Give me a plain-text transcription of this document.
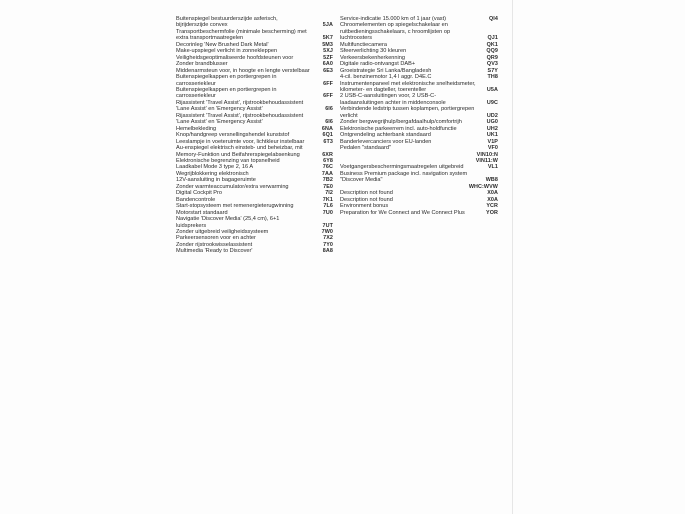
Buitenspiegel bestuurderszijde asferisch, bijrijderszijde convex	5JA
Transportbeschermfolie (minimale bescherming) met extra transportmaatregelen	5K7
Decorinleg 'New Brushed Dark Metal'	5M3
Make-upspiegel verlicht in zonnekleppen	5XJ
Veiligheidsgeoptimaliseerde hoofdsteunen voor	5ZF
Zonder brandblusser	6A0
Middenarmsteun voor, in hoogte en lengte verstelbaar	6E3
Buitenspiegelkappen en portiergrepen in carrosseriekleur	6FF
Buitenspiegelkappen en portiergrepen in carrosseriekleur	6FF
Rijassistent 'Travel Assist', rijstrookbehoudassistent 'Lane Assist' en 'Emergency Assist'	6I6
Rijassistent 'Travel Assist', rijstrookbehoudassistent 'Lane Assist' en 'Emergency Assist'	6I6
Hemelbekleding	6NA
Knop/handgreep versnellingshendel kunststof	6Q1
Leeslampje in voeteruimte voor, lichtkleur instelbaar	6T3
Au-enspiegel elektrisch einsteb- und beheizbar, mit Memory-Funktion und Beifahrerspiegelabsenkung	6XR
Elektronische begrenzing van topsnelheid	6Y8
Laadkabel Mode 3 type 2, 16 A	76C
Wegrijblokkering elektronisch	7AA
12V-aansluiting in bagageruimte	7B2
Zonder warmteaccumulator/extra verwarming	7E0
Digital Cockpit Pro	7I2
Bandencontrole	7K1
Start-stopsysteem met remenergieterugwinning	7L6
Motorstart standaard	7U0
Navigatie 'Discover Media' (25,4 cm), 6+1 luidsprekers	7UT
Zonder uitgebreid veiligheidssysteem	7W0
Parkeersensoren voor en achter	7X2
Zonder rijstrookwisselassistent	7Y0
Multimedia 'Ready to Discover'	8A8
Service-indicatie 15.000 km of 1 jaar (vast)	QI4
Chroomelementen op spiegelschakelaar en ruitbedieningsschakelaars, c hroomlijsten op luchtroosters	QJ1
Multifunctiecamera	QK1
Sfeerverlichting 30 kleuren	QQ9
Verkeersbekenherkenning	QR9
Digitale radio-ontvangst DAB+	QV3
Groeistrategie Sri Lanka/Bangladesh	S7Y
4-cil. benzinemotor 1,4 l aggr. D4E.C	TH8
Instrumentenpaneel met elektronische snelheidsmeter, kilometer- en dagteller, toerenteller	U5A
2 USB-C-aansluitingen voor, 2 USB-C-laadaansluitingen achter in middenconsole	U9C
Verbindende ledstrip tussen koplampen, portiergrepen verlicht	UD2
Zonder bergwegrijhulp/bergafdaalhulp/comfortrijh	UG0
Elektronische parkeerrem incl. auto-holdfunctie	UH2
Ontgrendeling achterbank standaard	UK1
Banderlevercanciers voor EU-landen	V1P
Pedalen "standaard"	VF0
VIN10:N
VIN11:W
Voetgangersbeschermingsmaatregelen uitgebreid	VL1
Business Premium package incl. navigation system "Discover Media"	WB8
WHC:WVW
Description not found	X0A
Description not found	X0A
Environment bonus	YCR
Preparation for We Connect and We Connect Plus	YOR
